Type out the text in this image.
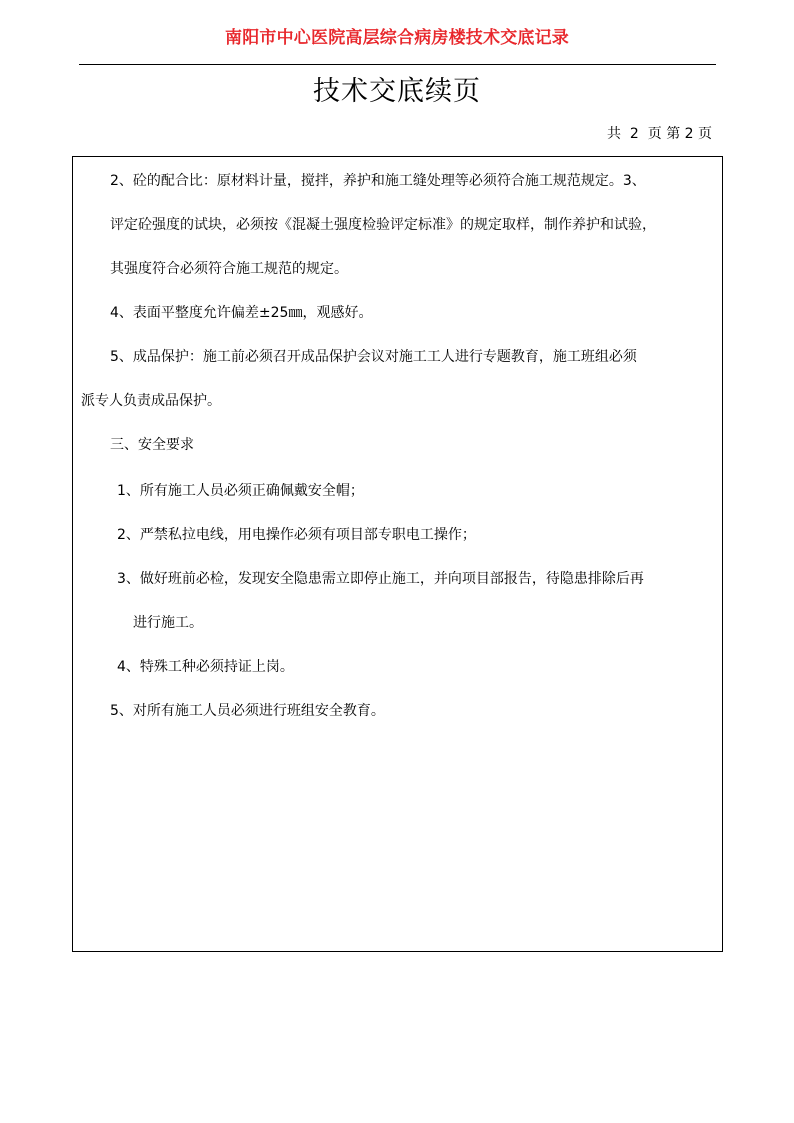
南阳市中心医院高层综合病房楼技术交底记录
技术交底续页
共  2  页 第 2 页
2、砼的配合比：原材料计量，搅拌，养护和施工缝处理等必须符合施工规范规定。3、
评定砼强度的试块，必须按《混凝土强度检验评定标准》的规定取样，制作养护和试验，
其强度符合必须符合施工规范的规定。
4、表面平整度允许偏差±25㎜，观感好。
5、成品保护：施工前必须召开成品保护会议对施工工人进行专题教育，施工班组必须
派专人负责成品保护。
三、安全要求
1、所有施工人员必须正确佩戴安全帽；
2、严禁私拉电线，用电操作必须有项目部专职电工操作；
3、做好班前必检，发现安全隐患需立即停止施工，并向项目部报告，待隐患排除后再
进行施工。
4、特殊工种必须持证上岗。
5、对所有施工人员必须进行班组安全教育。
